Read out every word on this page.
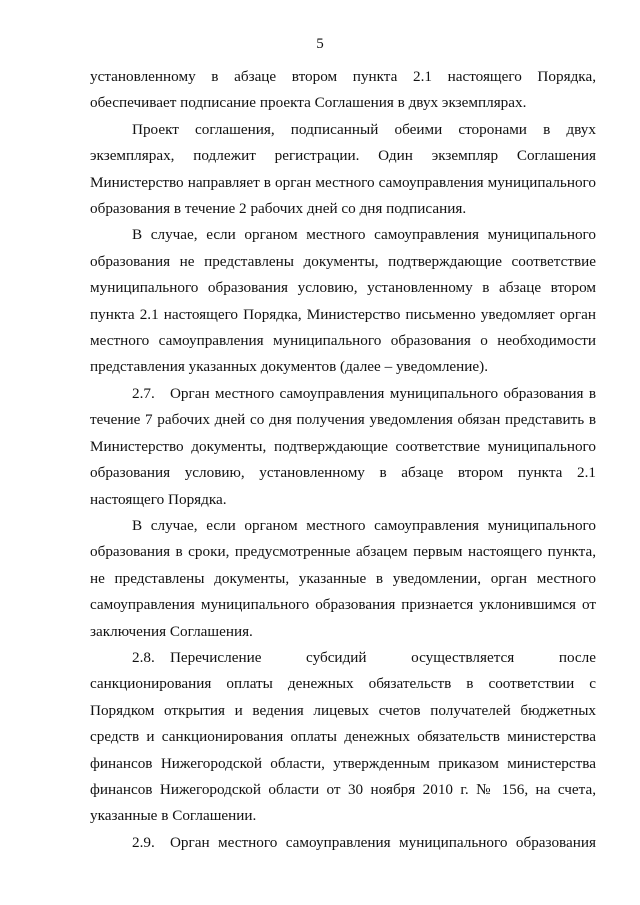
5

установленному в абзаце втором пункта 2.1 настоящего Порядка, обеспечивает подписание проекта Соглашения в двух экземплярах.

Проект соглашения, подписанный обеими сторонами в двух экземплярах, подлежит регистрации. Один экземпляр Соглашения Министерство направляет в орган местного самоуправления муниципального образования в течение 2 рабочих дней со дня подписания.

В случае, если органом местного самоуправления муниципального образования не представлены документы, подтверждающие соответствие муниципального образования условию, установленному в абзаце втором пункта 2.1 настоящего Порядка, Министерство письменно уведомляет орган местного самоуправления муниципального образования о необходимости представления указанных документов (далее – уведомление).

2.7. Орган местного самоуправления муниципального образования в течение 7 рабочих дней со дня получения уведомления обязан представить в Министерство документы, подтверждающие соответствие муниципального образования условию, установленному в абзаце втором пункта 2.1 настоящего Порядка.

В случае, если органом местного самоуправления муниципального образования в сроки, предусмотренные абзацем первым настоящего пункта, не представлены документы, указанные в уведомлении, орган местного самоуправления муниципального образования признается уклонившимся от заключения Соглашения.

2.8. Перечисление субсидий осуществляется после санкционирования оплаты денежных обязательств в соответствии с Порядком открытия и ведения лицевых счетов получателей бюджетных средств и санкционирования оплаты денежных обязательств министерства финансов Нижегородской области, утвержденным приказом министерства финансов Нижегородской области от 30 ноября 2010 г. № 156, на счета, указанные в Соглашении.

2.9. Орган местного самоуправления муниципального образования
